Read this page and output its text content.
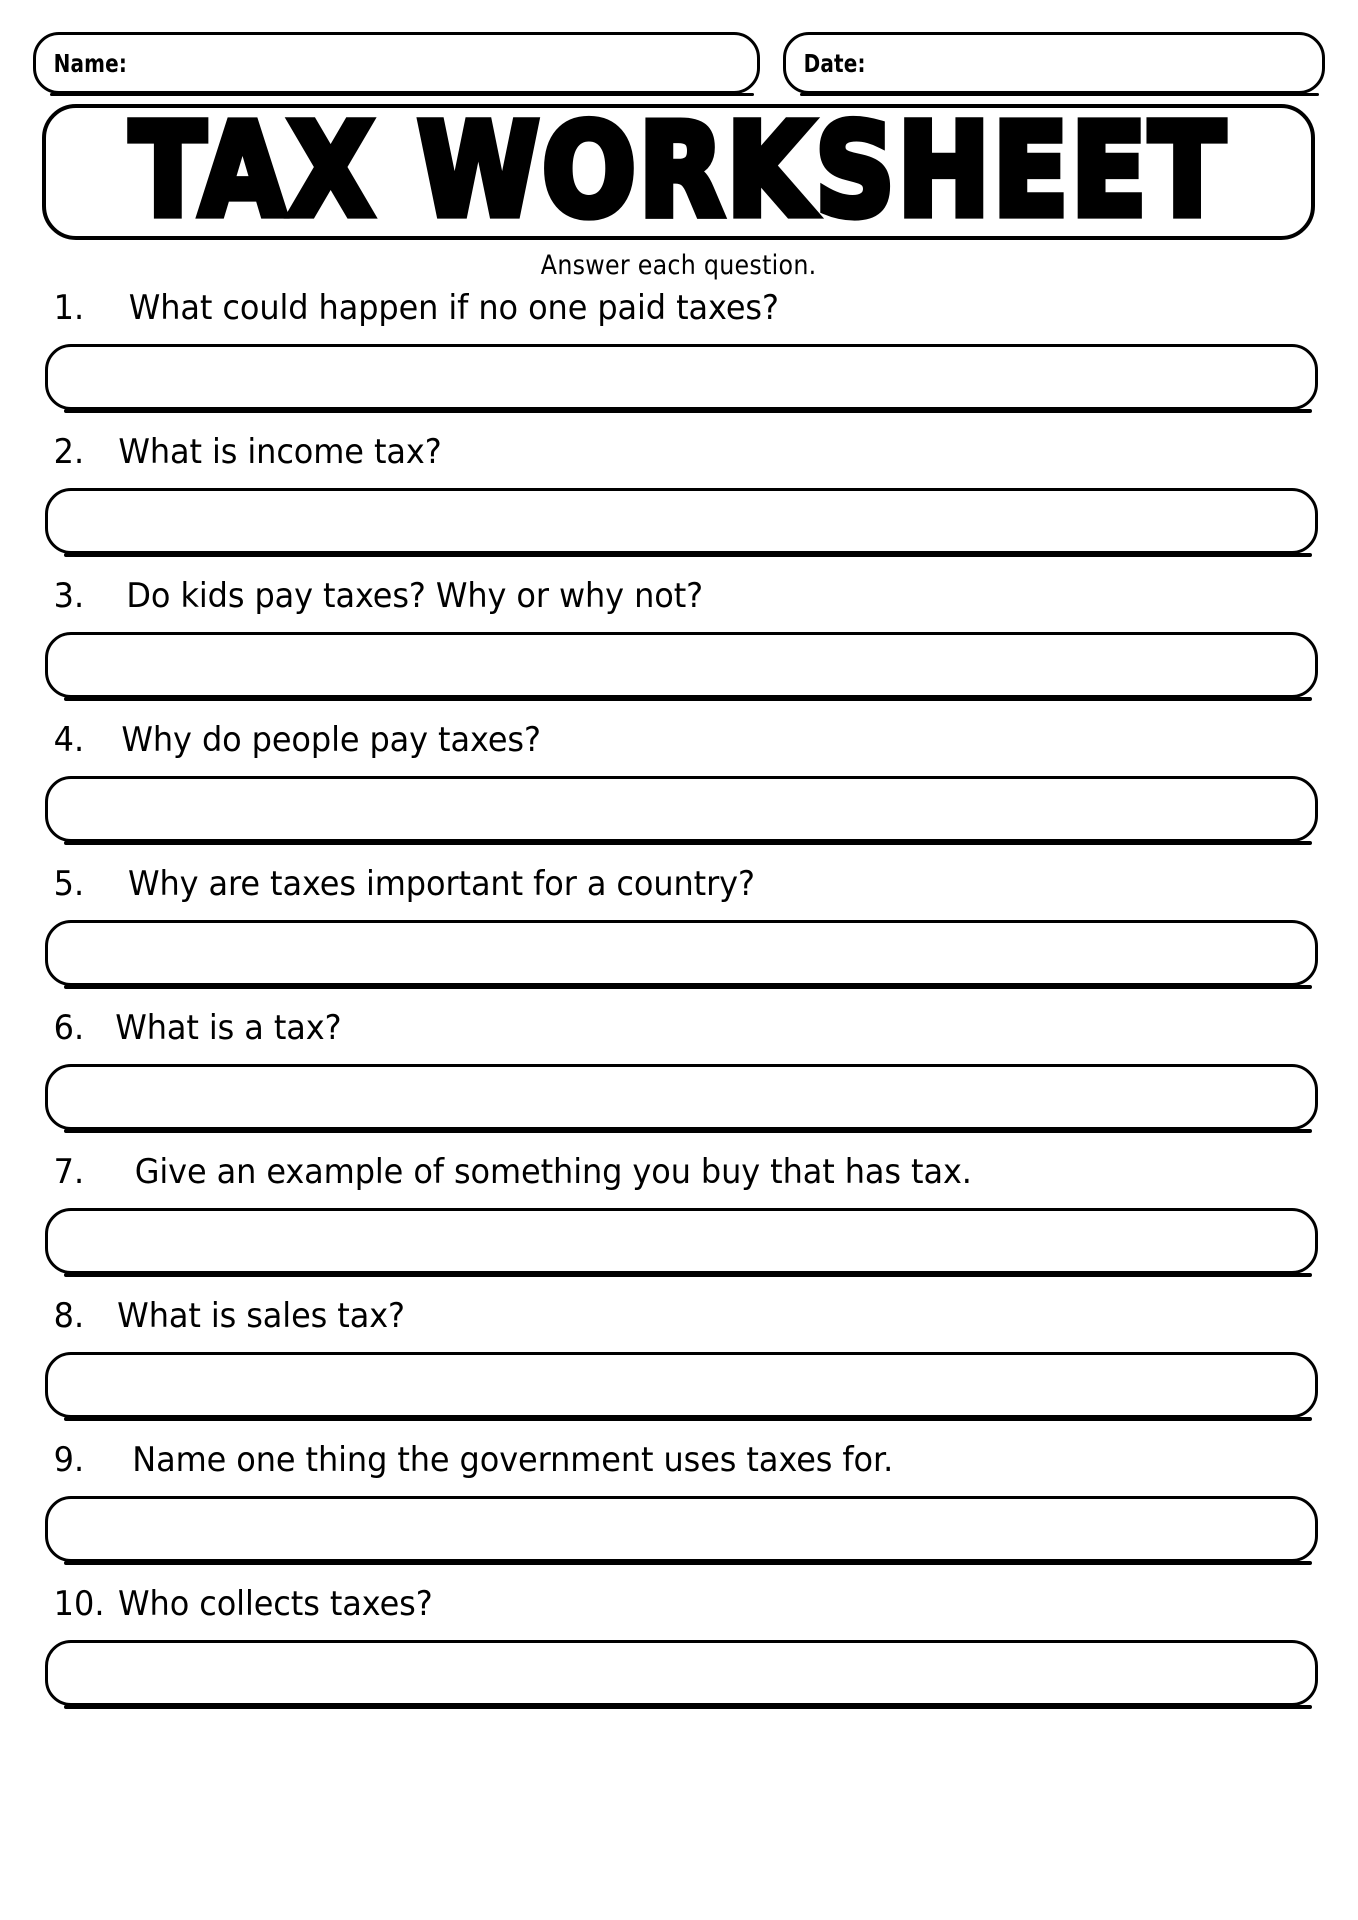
Name:	Date:
TAX WORKSHEET
Answer each question.
1.	What could happen if no one paid taxes?
2.	What is income tax?
3.	Do kids pay taxes? Why or why not?
4.	Why do people pay taxes?
5.	Why are taxes important for a country?
6. What is a tax?
7.	Give an example of something you buy that has tax.
8. What is sales tax?
9.	Name one thing the government uses taxes for.
10. Who collects taxes?
